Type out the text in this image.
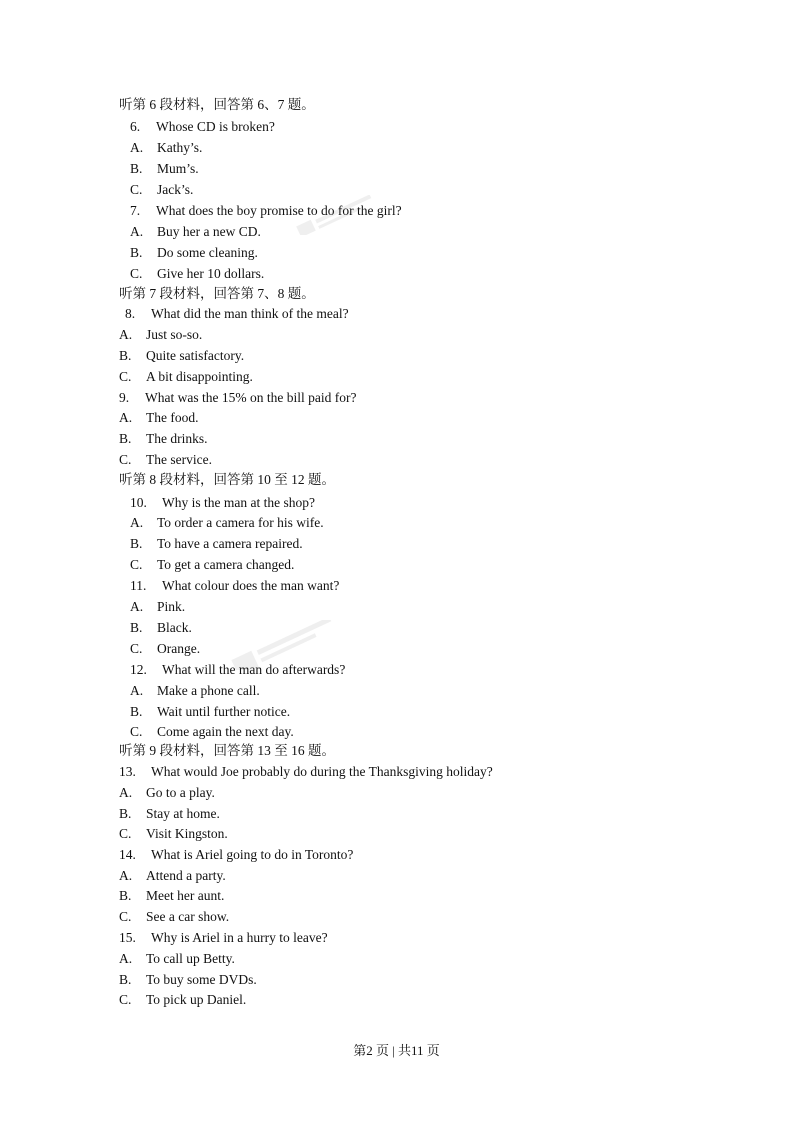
听第 6 段材料，回答第 6、7 题。
6. Whose CD is broken?
A. Kathy’s.
B. Mum’s.
C. Jack’s.
7. What does the boy promise to do for the girl?
A. Buy her a new CD.
B. Do some cleaning.
C. Give her 10 dollars.
听第 7 段材料，回答第 7、8 题。
8. What did the man think of the meal?
A. Just so-so.
B. Quite satisfactory.
C. A bit disappointing.
9. What was the 15% on the bill paid for?
A. The food.
B. The drinks.
C. The service.
听第 8 段材料，回答第 10 至 12 题。
10. Why is the man at the shop?
A. To order a camera for his wife.
B. To have a camera repaired.
C. To get a camera changed.
11. What colour does the man want?
A. Pink.
B. Black.
C. Orange.
12. What will the man do afterwards?
A. Make a phone call.
B. Wait until further notice.
C. Come again the next day.
听第 9 段材料，回答第 13 至 16 题。
13. What would Joe probably do during the Thanksgiving holiday?
A. Go to a play.
B. Stay at home.
C. Visit Kingston.
14. What is Ariel going to do in Toronto?
A. Attend a party.
B. Meet her aunt.
C. See a car show.
15. Why is Ariel in a hurry to leave?
A. To call up Betty.
B. To buy some DVDs.
C. To pick up Daniel.
第2 页 | 共11 页
